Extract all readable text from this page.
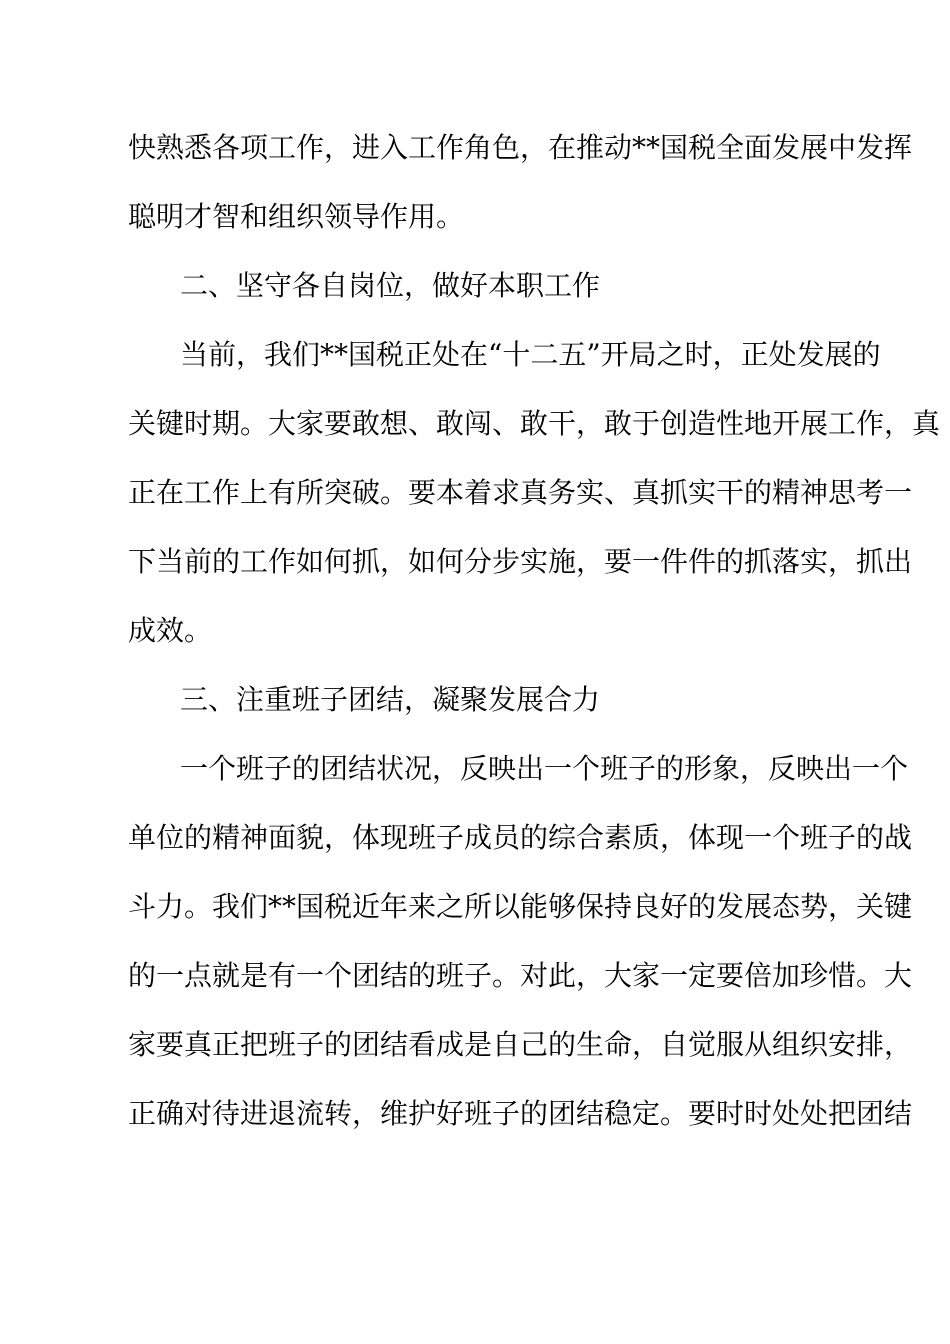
快熟悉各项工作，进入工作角色，在推动**国税全面发展中发挥
聪明才智和组织领导作用。
二、坚守各自岗位，做好本职工作
当前，我们**国税正处在“十二五”开局之时，正处发展的
关键时期。大家要敢想、敢闯、敢干，敢于创造性地开展工作，真
正在工作上有所突破。要本着求真务实、真抓实干的精神思考一
下当前的工作如何抓，如何分步实施，要一件件的抓落实，抓出
成效。
三、注重班子团结，凝聚发展合力
一个班子的团结状况，反映出一个班子的形象，反映出一个
单位的精神面貌，体现班子成员的综合素质，体现一个班子的战
斗力。我们**国税近年来之所以能够保持良好的发展态势，关键
的一点就是有一个团结的班子。对此，大家一定要倍加珍惜。大
家要真正把班子的团结看成是自己的生命，自觉服从组织安排，
正确对待进退流转，维护好班子的团结稳定。要时时处处把团结
